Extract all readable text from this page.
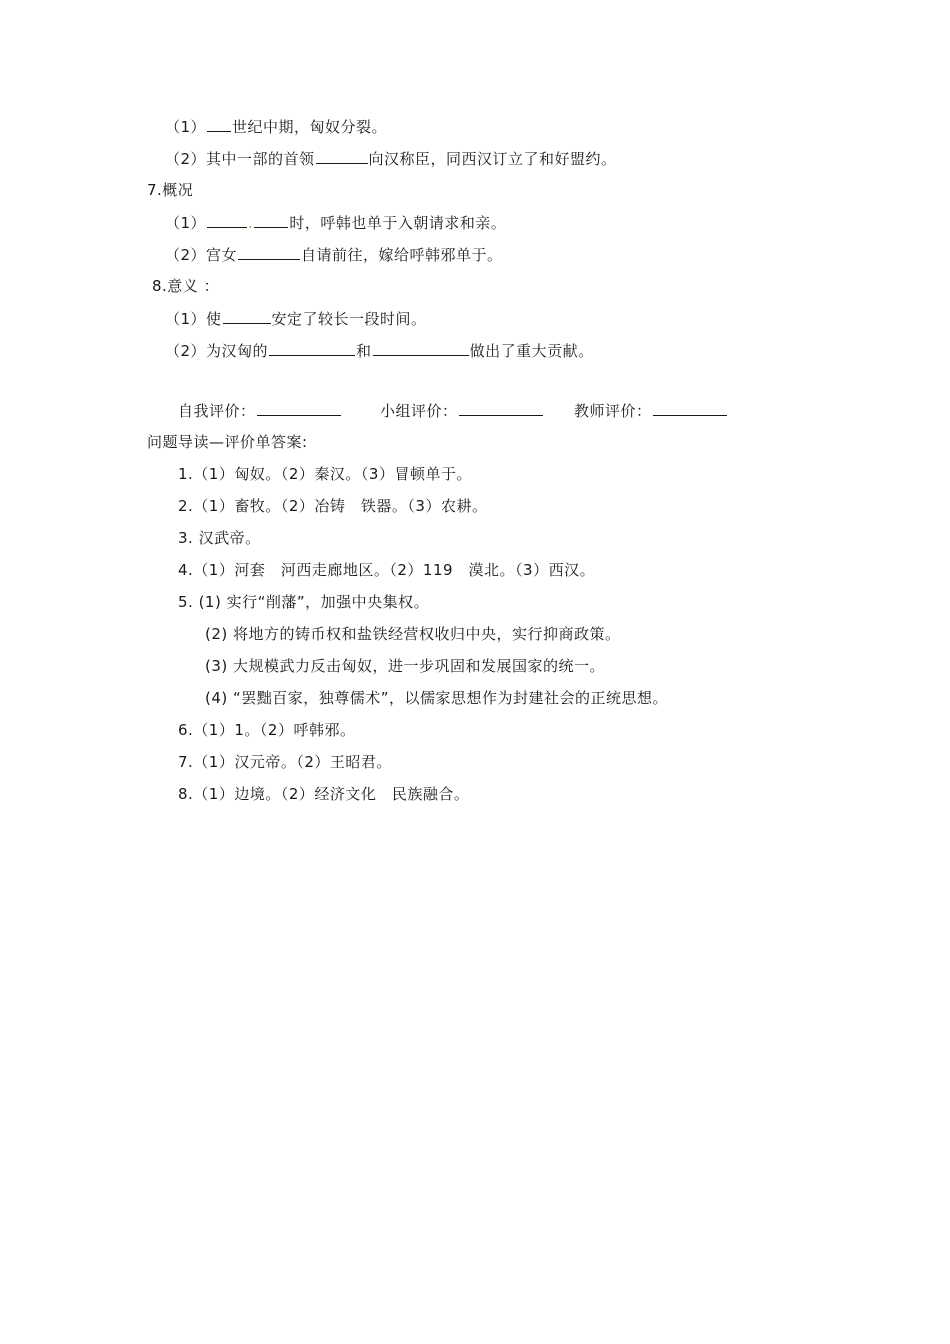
（1） 世纪中期，匈奴分裂。
（2）其中一部的首领	向汉称臣，同西汉订立了和好盟约。
7.概况
（1）	. 时，呼韩也单于入朝请求和亲。
（2）宫女	自请前往，嫁给呼韩邪单于。
8.意义 ：
（1）使	安定了较长一段时间。
（2）为汉匈的	和	做出了重大贡献。
自我评价：	小组评价：	教师评价：
问题导读—评价单答案:
1.（1）匈奴。（2）秦汉。（3）冒顿单于。
2.（1）畜牧。（2）冶铸　铁器。（3）农耕。
3. 汉武帝。
4.（1）河套　河西走廊地区。（2）119　漠北。（3）西汉。
5. (1) 实行“削藩”，加强中央集权。
(2) 将地方的铸币权和盐铁经营权收归中央，实行抑商政策。
(3) 大规模武力反击匈奴，进一步巩固和发展国家的统一。
(4) “罢黜百家，独尊儒术”，以儒家思想作为封建社会的正统思想。
6.（1）1。（2）呼韩邪。
7.（1）汉元帝。（2）王昭君。
8.（1）边境。（2）经济文化　民族融合。
